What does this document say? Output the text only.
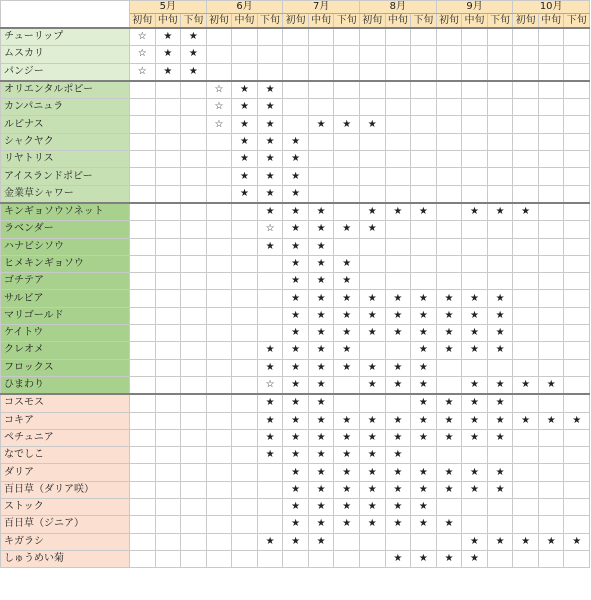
	5月			6月			7月			8月			9月			10月		
	初旬	中旬	下旬	初旬	中旬	下旬	初旬	中旬	下旬	初旬	中旬	下旬	初旬	中旬	下旬	初旬	中旬	下旬
チューリップ	☆	★	★															
ムスカリ	☆	★	★															
パンジー	☆	★	★															
オリエンタルポピー				☆	★	★												
カンパニュラ				☆	★	★												
ルピナス				☆	★	★		★	★	★								
シャクヤク					★	★	★											
リヤトリス					★	★	★											
アイスランドポピー					★	★	★											
金業草シャワー					★	★	★											
キンギョソウソネット						★	★	★		★	★	★		★	★	★		
ラベンダー						☆	★	★	★	★								
ハナビシソウ						★	★	★										
ヒメキンギョソウ							★	★	★									
ゴチテア							★	★	★									
サルビア							★	★	★	★	★	★	★	★	★			
マリゴールド							★	★	★	★	★	★	★	★	★			
ケイトウ							★	★	★	★	★	★	★	★	★			
クレオメ						★	★	★	★			★	★	★	★			
フロックス						★	★	★	★	★	★	★						
ひまわり						☆	★	★		★	★	★		★	★	★	★	
コスモス						★	★	★				★	★	★	★			
コキア						★	★	★	★	★	★	★	★	★	★	★	★	★
ペチュニア						★	★	★	★	★	★	★	★	★	★			
なでしこ						★	★	★	★	★	★							
ダリア							★	★	★	★	★	★	★	★	★			
百日草（ダリア咲）							★	★	★	★	★	★	★	★	★			
ストック							★	★	★	★	★	★						
百日草（ジニア）							★	★	★	★	★	★	★					
キガラシ						★	★	★						★	★	★	★	★
しゅうめい菊											★	★	★	★				
